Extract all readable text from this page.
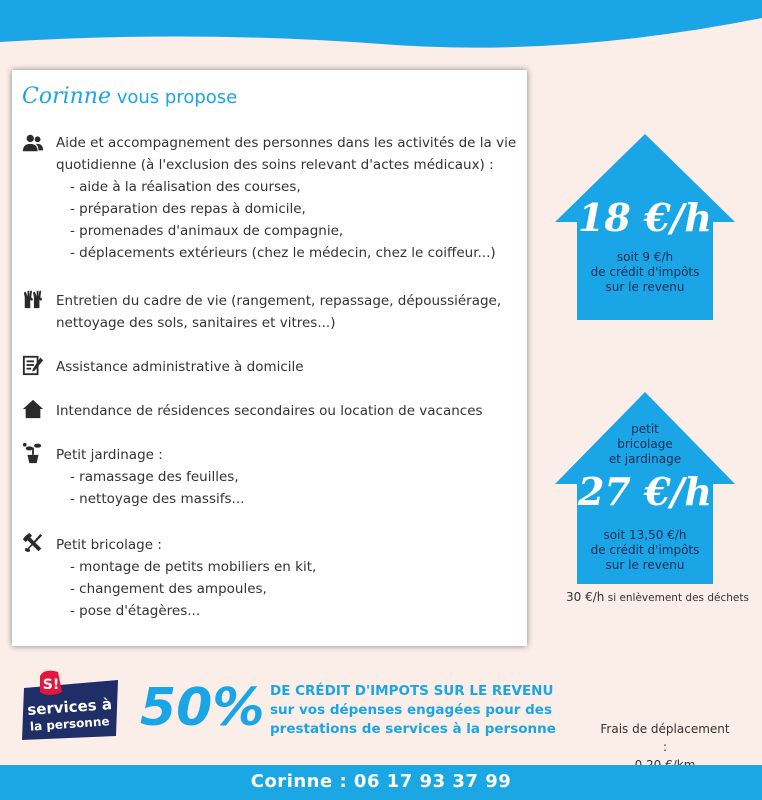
Corinne vous propose
Aide et accompagnement des personnes dans les activités de la vie
quotidienne (à l'exclusion des soins relevant d'actes médicaux) :
- aide à la réalisation des courses,
- préparation des repas à domicile,
- promenades d'animaux de compagnie,
- déplacements extérieurs (chez le médecin, chez le coiffeur...)
Entretien du cadre de vie (rangement, repassage, dépoussiérage,
nettoyage des sols, sanitaires et vitres...)
Assistance administrative à domicile
Intendance de résidences secondaires ou location de vacances
Petit jardinage :
- ramassage des feuilles,
- nettoyage des massifs...
Petit bricolage :
- montage de petits mobiliers en kit,
- changement des ampoules,
- pose d'étagères...
18 €/h
soit 9 €/h
de crédit d'impôts
sur le revenu
petit
bricolage
et jardinage
27 €/h
soit 13,50 €/h
de crédit d'impôts
sur le revenu
30 €/h si enlèvement des déchets
S!
services à
la personne 50% DE CRÉDIT D'IMPOTS SUR LE REVENU
sur vos dépenses engagées pour des
prestations de services à la personne	Frais de déplacement :
Corinne : 06 17 93 37 99
